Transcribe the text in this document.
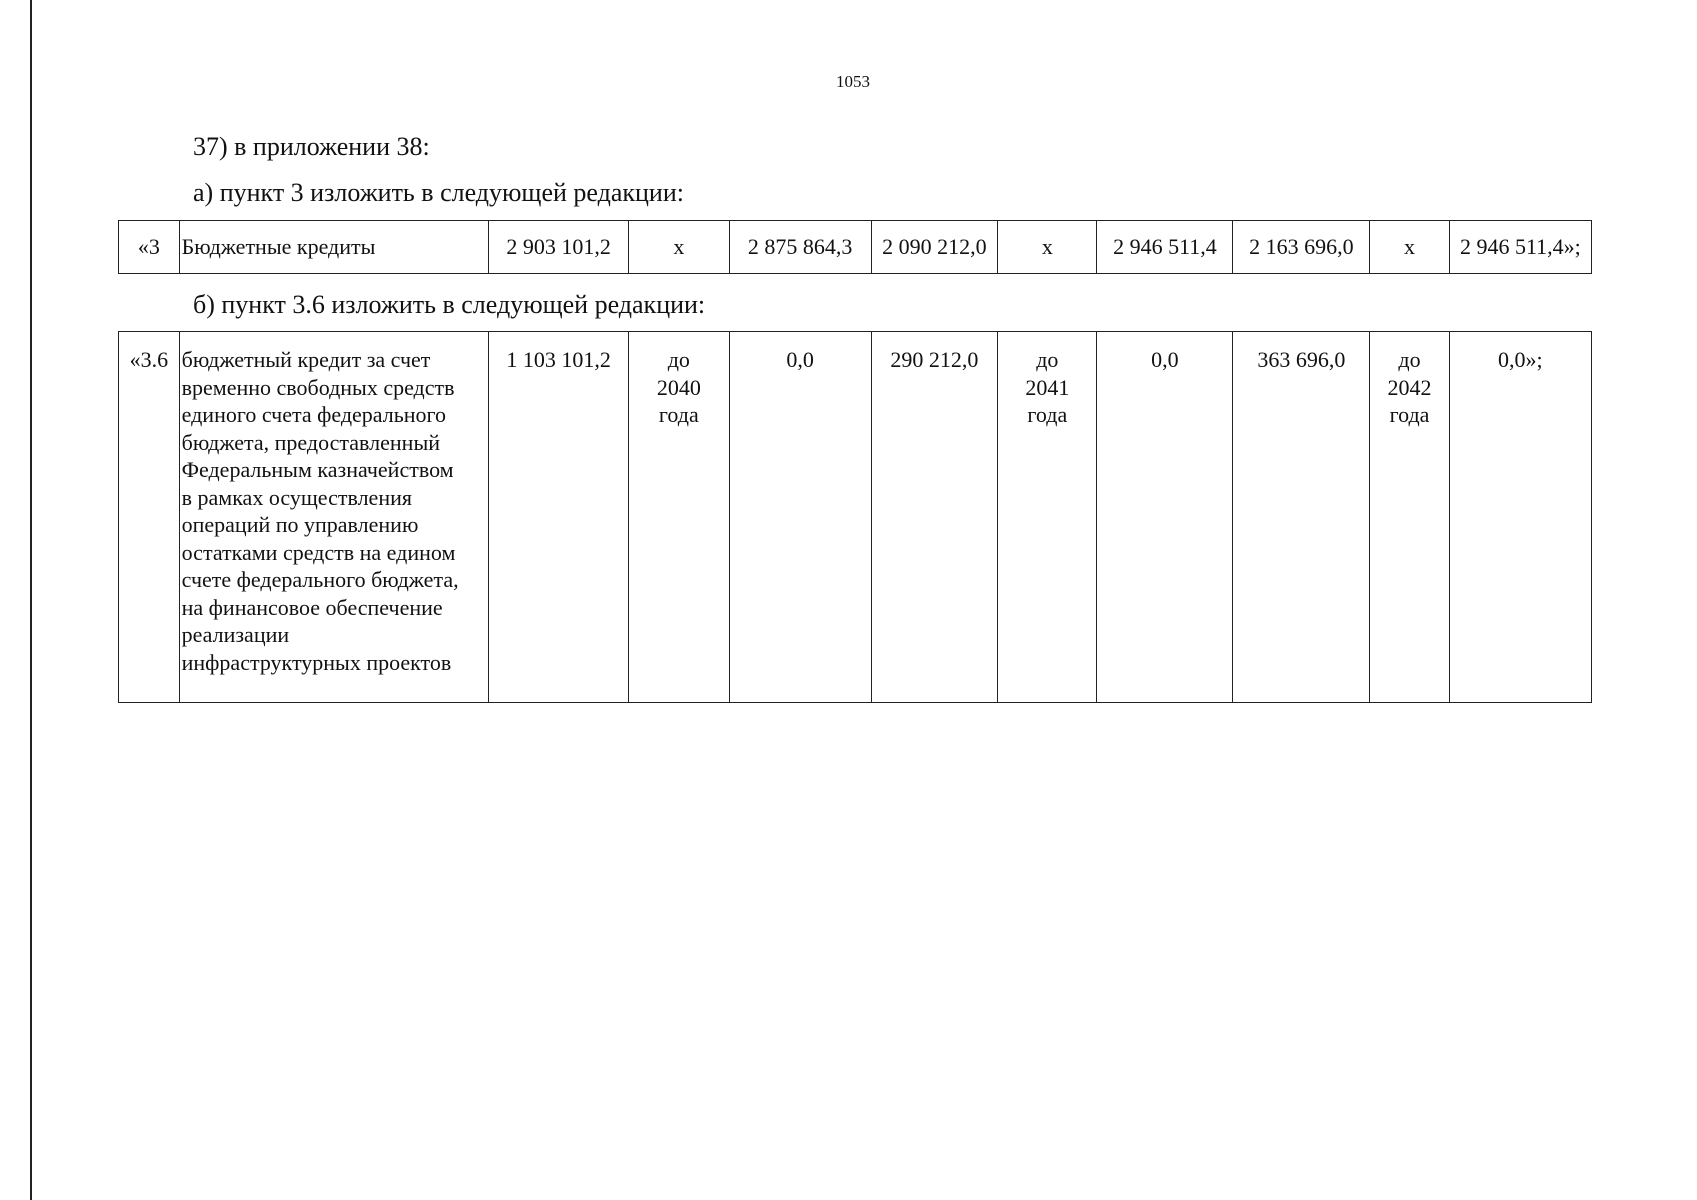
1053
37) в приложении 38:
а) пункт 3 изложить в следующей редакции:
«3	Бюджетные кредиты	2 903 101,2	х	2 875 864,3	2 090 212,0	х	2 946 511,4	2 163 696,0	х	2 946 511,4»;
б) пункт 3.6 изложить в следующей редакции:
«3.6	бюджетный кредит за счет
временно свободных средств
единого счета федерального
бюджета, предоставленный
Федеральным казначейством
в рамках осуществления
операций по управлению
остатками средств на едином
счете федерального бюджета,
на финансовое обеспечение
реализации
инфраструктурных проектов
	1 103 101,2	до
2040
года
	0,0	290 212,0	до
2041
года
	0,0	363 696,0	до
2042
года
	0,0»;
